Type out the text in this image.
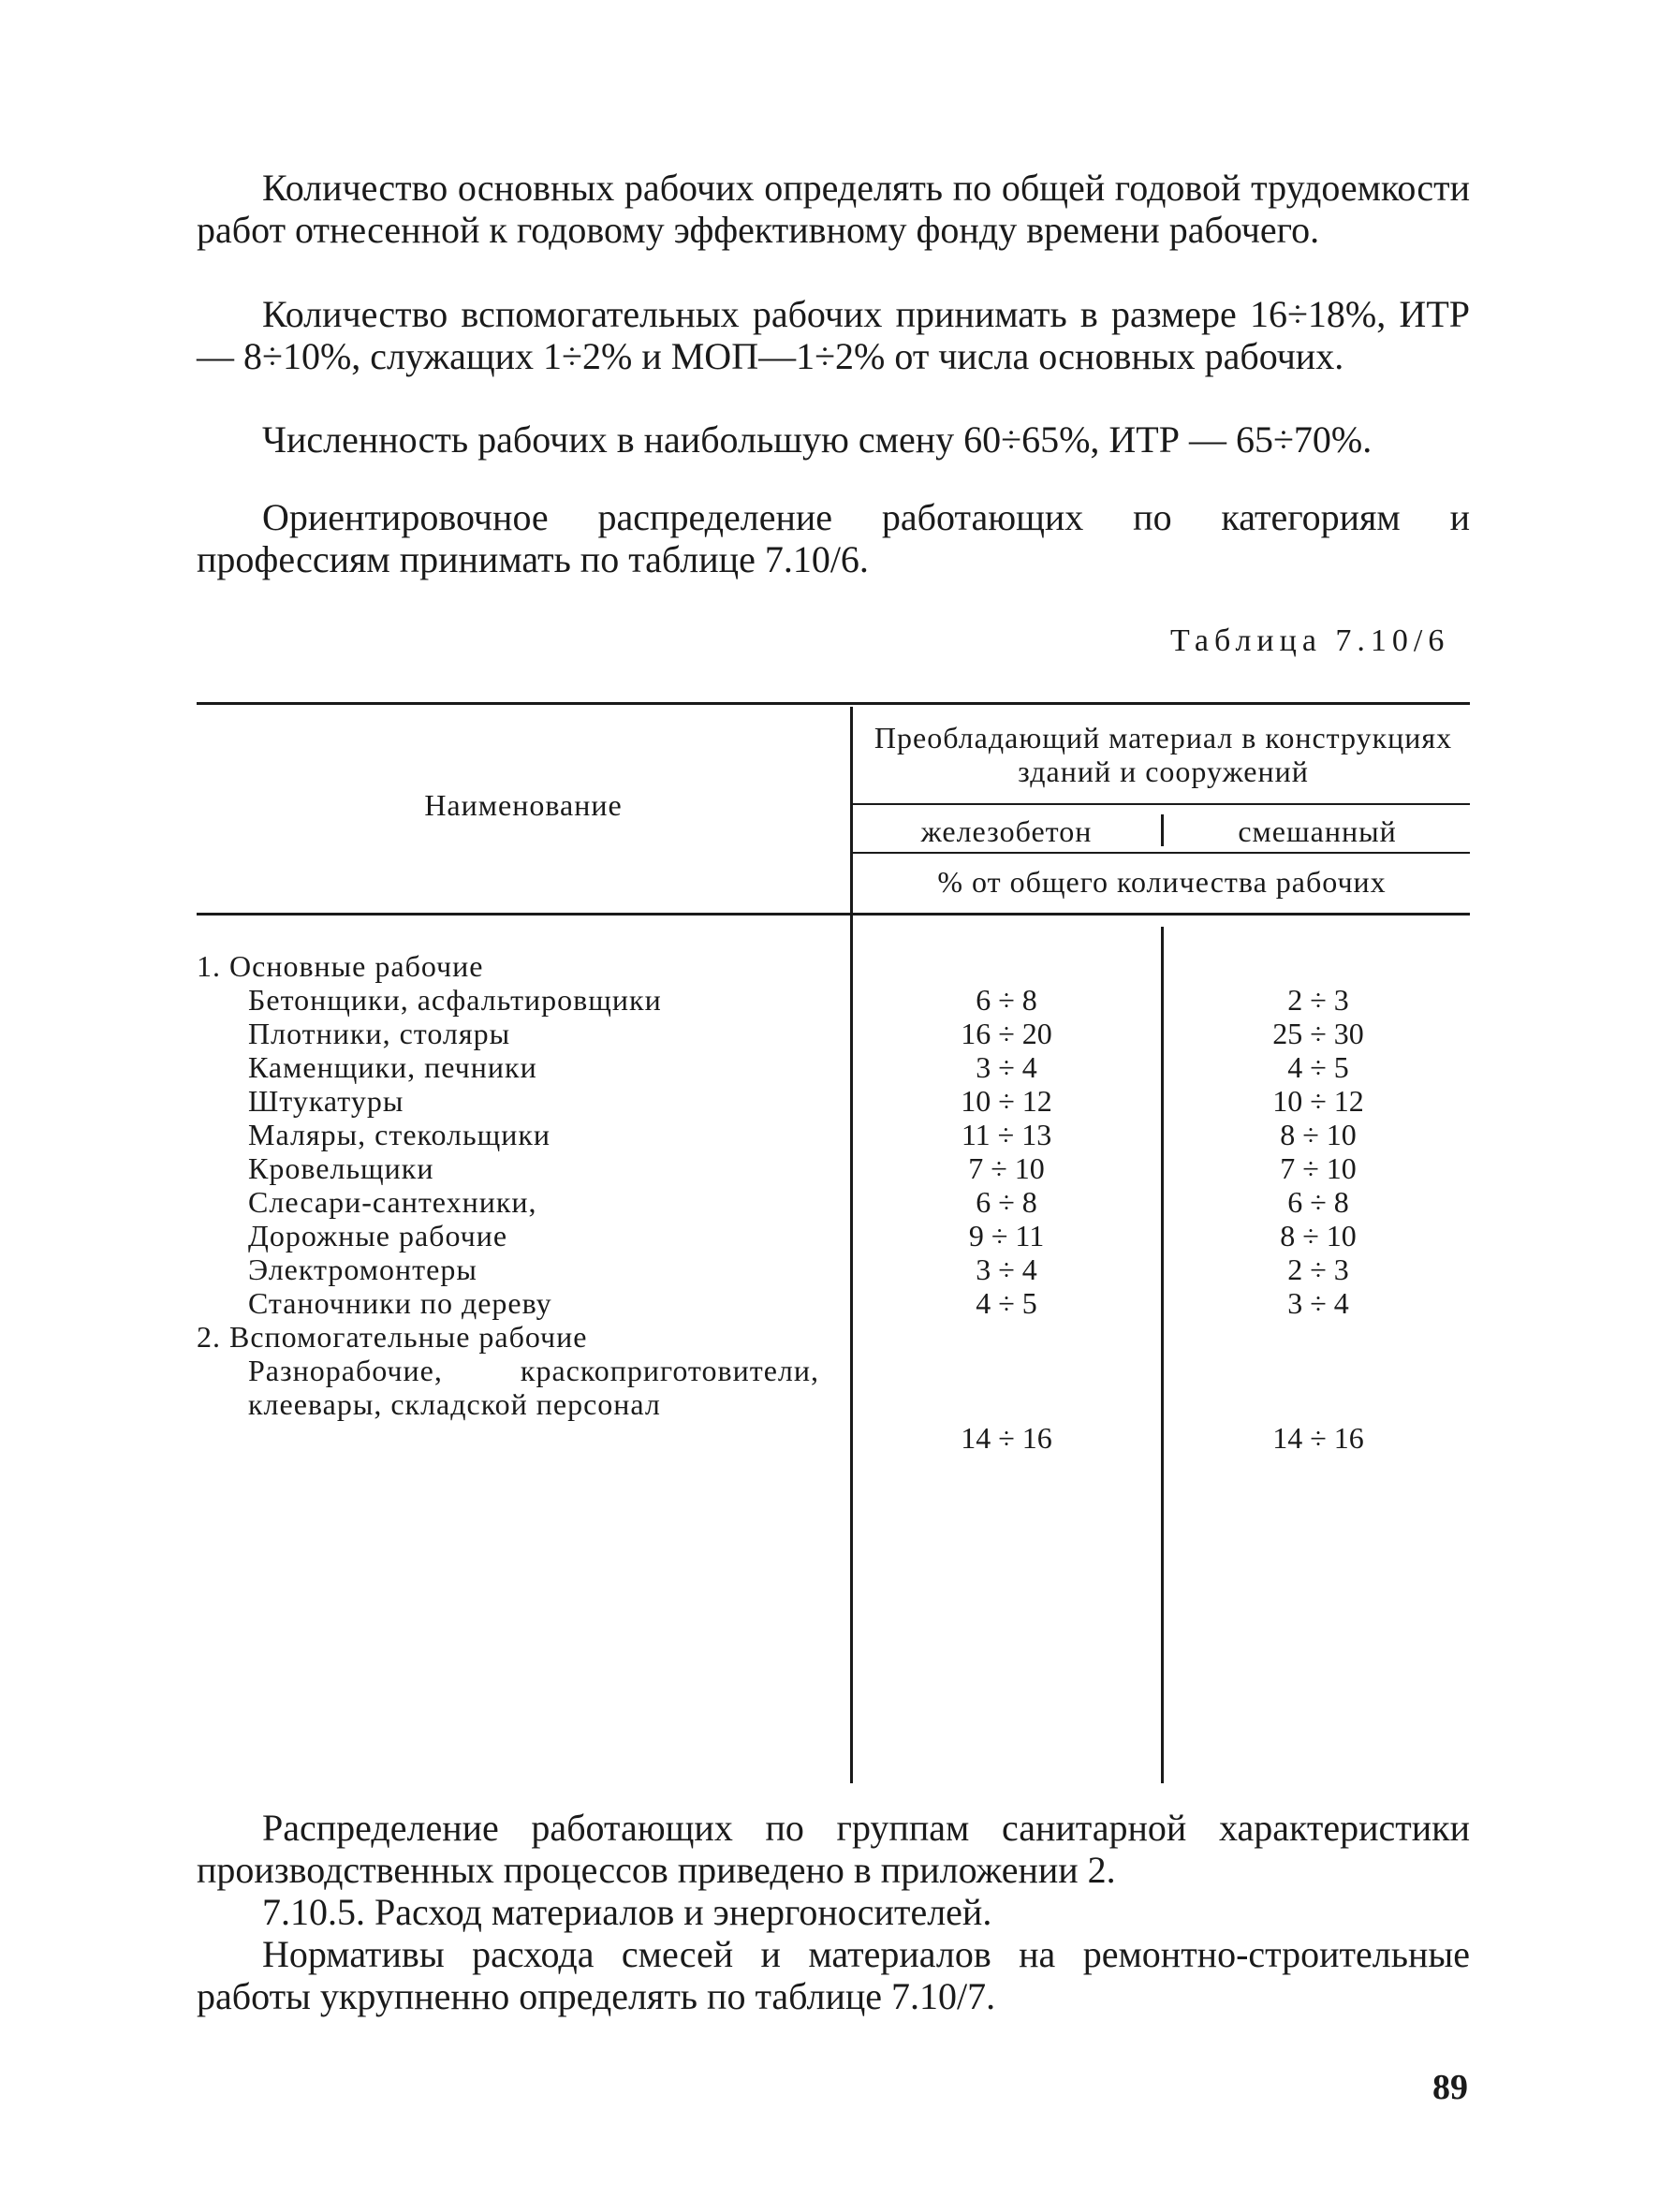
Количество основных рабочих определять по общей годовой трудоемкости работ отнесенной к годовому эффективному фонду времени рабочего.

Количество вспомогательных рабочих принимать в размере 16÷18%, ИТР — 8÷10%, служащих 1÷2% и МОП—1÷2% от числа основных рабочих.

Численность рабочих в наибольшую смену 60÷65%, ИТР — 65÷70%.

Ориентировочное распределение работающих по категориям и профессиям принимать по таблице 7.10/6.

Таблица 7.10/6
Наименование
Преобладающий материал в конструкциях зданий и сооружений
железобетон	смешанный
% от общего количества рабочих
1. Основные рабочие
Бетонщики, асфальтировщики
Плотники, столяры
Каменщики, печники
Штукатуры
Маляры, стекольщики
Кровельщики
Слесари-сантехники,
Дорожные рабочие
Электромонтеры
Станочники по дереву
2. Вспомогательные рабочие
Разнорабочие, краскоприготовители, клеевары, складской персонал
6 ÷ 8
16 ÷ 20
3 ÷ 4
10 ÷ 12
11 ÷ 13
7 ÷ 10
6 ÷ 8
9 ÷ 11
3 ÷ 4
4 ÷ 5
14 ÷ 16
2 ÷ 3
25 ÷ 30
4 ÷ 5
10 ÷ 12
8 ÷ 10
7 ÷ 10
6 ÷ 8
8 ÷ 10
2 ÷ 3
3 ÷ 4
14 ÷ 16

Распределение работающих по группам санитарной характеристики производственных процессов приведено в приложении 2.

7.10.5. Расход материалов и энергоносителей.

Нормативы расхода смесей и материалов на ремонтно-строительные работы укрупненно определять по таблице 7.10/7.

89
